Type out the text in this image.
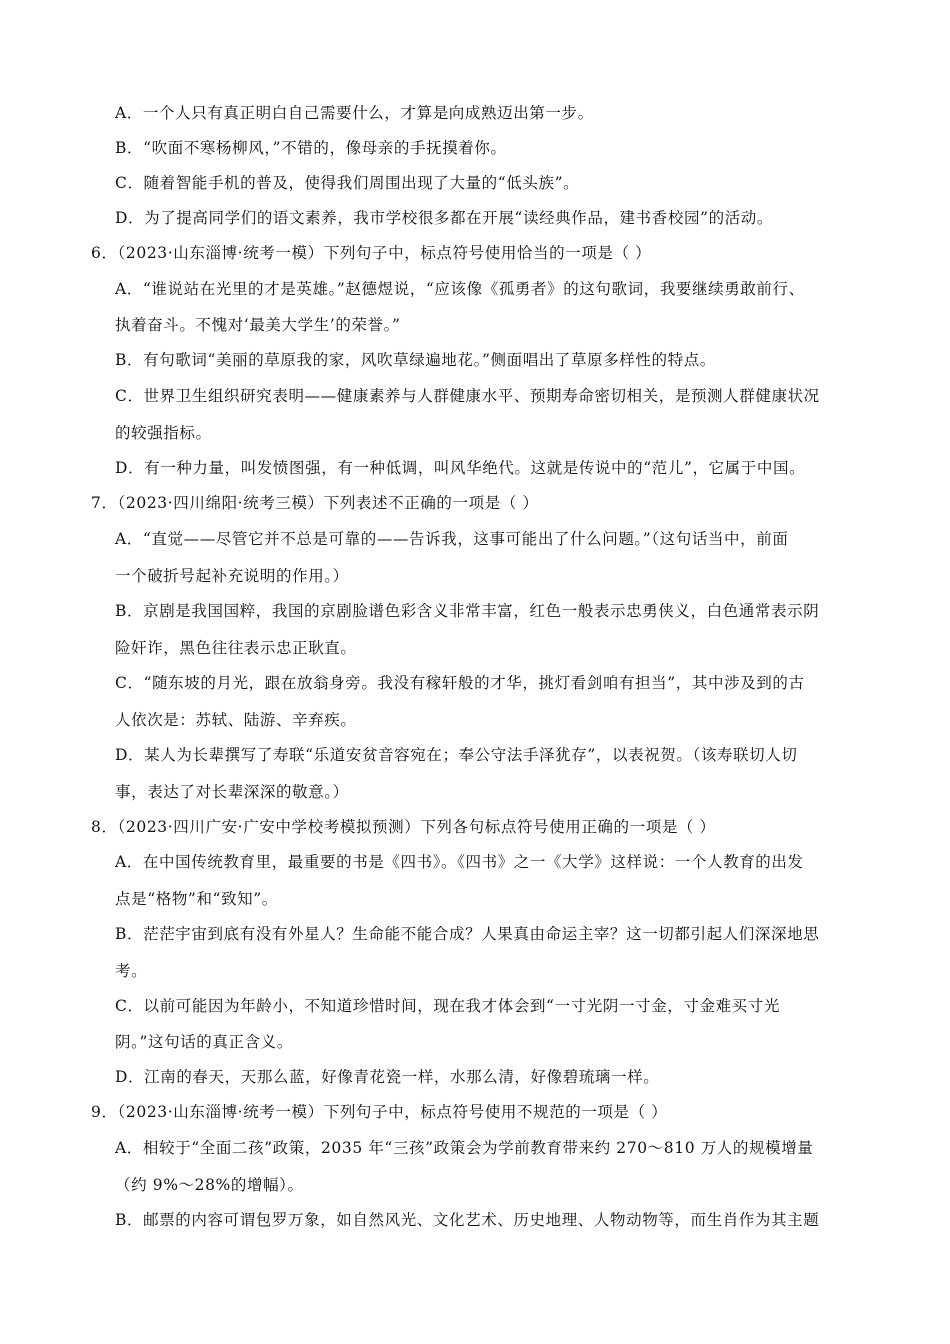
A．一个人只有真正明白自己需要什么，才算是向成熟迈出第一步。
B．“吹面不寒杨柳风，”不错的，像母亲的手抚摸着你。
C．随着智能手机的普及，使得我们周围出现了大量的“低头族”。
D．为了提高同学们的语文素养，我市学校很多都在开展“读经典作品，建书香校园”的活动。
6．（2023·山东淄博·统考一模）下列句子中，标点符号使用恰当的一项是（ ）
A．“谁说站在光里的才是英雄。”赵德煜说，“应该像《孤勇者》的这句歌词，我要继续勇敢前行、
执着奋斗。不愧对‘最美大学生’的荣誉。”
B．有句歌词“美丽的草原我的家，风吹草绿遍地花。”侧面唱出了草原多样性的特点。
C．世界卫生组织研究表明——健康素养与人群健康水平、预期寿命密切相关，是预测人群健康状况
的较强指标。
D．有一种力量，叫发愤图强，有一种低调，叫风华绝代。这就是传说中的“范儿”，它属于中国。
7．（2023·四川绵阳·统考三模）下列表述不正确的一项是（ ）
A．“直觉——尽管它并不总是可靠的——告诉我，这事可能出了什么问题。”（这句话当中，前面
一个破折号起补充说明的作用。）
B．京剧是我国国粹，我国的京剧脸谱色彩含义非常丰富，红色一般表示忠勇侠义，白色通常表示阴
险奸诈，黑色往往表示忠正耿直。
C．“随东坡的月光，跟在放翁身旁。我没有稼轩般的才华，挑灯看剑咱有担当”，其中涉及到的古
人依次是：苏轼、陆游、辛弃疾。
D．某人为长辈撰写了寿联“乐道安贫音容宛在；奉公守法手泽犹存”，以表祝贺。（该寿联切人切
事，表达了对长辈深深的敬意。）
8．（2023·四川广安·广安中学校考模拟预测）下列各句标点符号使用正确的一项是（ ）
A．在中国传统教育里，最重要的书是《四书》。《四书》之一《大学》这样说：一个人教育的出发
点是“格物”和“致知”。
B．茫茫宇宙到底有没有外星人？生命能不能合成？人果真由命运主宰？这一切都引起人们深深地思
考。
C．以前可能因为年龄小，不知道珍惜时间，现在我才体会到“一寸光阴一寸金，寸金难买寸光
阴。”这句话的真正含义。
D．江南的春天，天那么蓝，好像青花瓷一样，水那么清，好像碧琉璃一样。
9．（2023·山东淄博·统考一模）下列句子中，标点符号使用不规范的一项是（ ）
A．相较于“全面二孩”政策，2035 年“三孩”政策会为学前教育带来约 270～810 万人的规模增量
（约 9%～28%的增幅）。
B．邮票的内容可谓包罗万象，如自然风光、文化艺术、历史地理、人物动物等，而生肖作为其主题
